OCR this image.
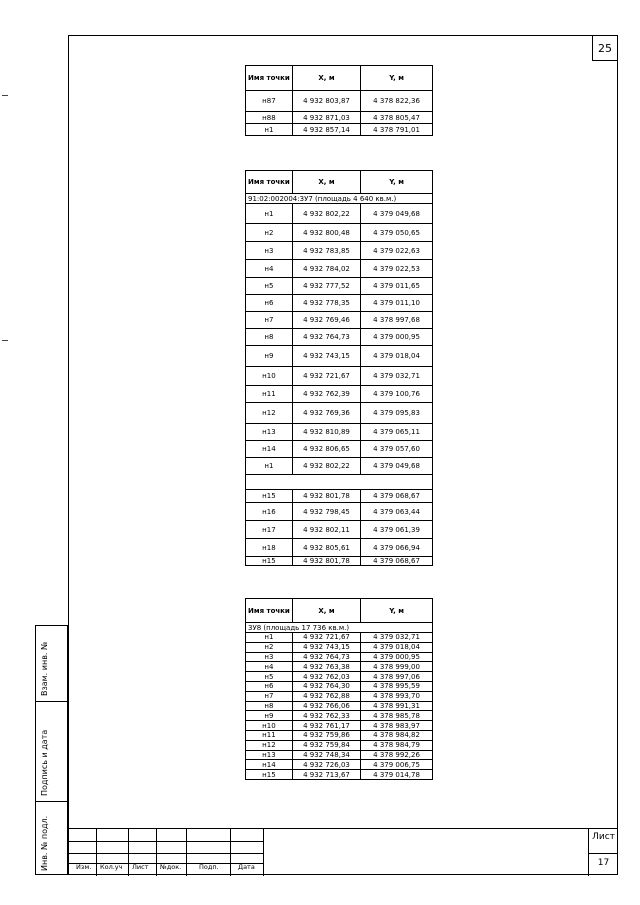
25
Имя точки	X, м	Y, м
н87	4 932 803,87	4 378 822,36
н88	4 932 871,03	4 378 805,47
н1	4 932 857,14	4 378 791,01
Имя точки	X, м	Y, м
91:02:002004:3У7 (площадь 4 640 кв.м.)		
н1	4 932 802,22	4 379 049,68
н2	4 932 800,48	4 379 050,65
н3	4 932 783,85	4 379 022,63
н4	4 932 784,02	4 379 022,53
н5	4 932 777,52	4 379 011,65
н6	4 932 778,35	4 379 011,10
н7	4 932 769,46	4 378 997,68
н8	4 932 764,73	4 379 000,95
н9	4 932 743,15	4 379 018,04
н10	4 932 721,67	4 379 032,71
н11	4 932 762,39	4 379 100,76
н12	4 932 769,36	4 379 095,83
н13	4 932 810,89	4 379 065,11
н14	4 932 806,65	4 379 057,60
н1	4 932 802,22	4 379 049,68

н15	4 932 801,78	4 379 068,67
н16	4 932 798,45	4 379 063,44
н17	4 932 802,11	4 379 061,39
н18	4 932 805,61	4 379 066,94
н15	4 932 801,78	4 379 068,67
Имя точки	X, м	Y, м
3У8 (площадь 17 736 кв.м.)		
н1	4 932 721,67	4 379 032,71
н2	4 932 743,15	4 379 018,04
н3	4 932 764,73	4 379 000,95
н4	4 932 763,38	4 378 999,00
н5	4 932 762,03	4 378 997,06
н6	4 932 764,30	4 378 995,59
н7	4 932 762,88	4 378 993,70
н8	4 932 766,06	4 378 991,31
н9	4 932 762,33	4 378 985,78
н10	4 932 761,17	4 378 983,97
н11	4 932 759,86	4 378 984,82
н12	4 932 759,84	4 378 984,79
н13	4 932 748,34	4 378 992,26
н14	4 932 726,03	4 379 006,75
н15	4 932 713,67	4 379 014,78
Взам. инв. №
Подпись и дата
Инв. № подл.	Изм. Кол.уч Лист №док.	Подп.	Дата
Лист
17
